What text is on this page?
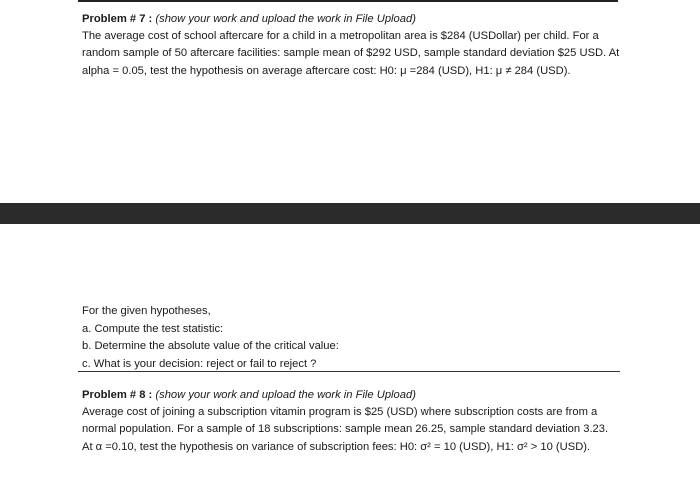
Problem # 7 : (show your work and upload the work in File Upload)
The average cost of school aftercare for a child in a metropolitan area is $284 (USDollar) per child. For a random sample of 50 aftercare facilities: sample mean of $292 USD, sample standard deviation $25 USD. At alpha = 0.05, test the hypothesis on average aftercare cost: H0: μ =284 (USD), H1: μ ≠ 284 (USD).
For the given hypotheses,
a. Compute the test statistic:
b. Determine the absolute value of the critical value:
c. What is your decision: reject or fail to reject ?
Problem # 8 : (show your work and upload the work in File Upload)
Average cost of joining a subscription vitamin program is $25 (USD) where subscription costs are from a normal population. For a sample of 18 subscriptions: sample mean 26.25, sample standard deviation 3.23. At α =0.10, test the hypothesis on variance of subscription fees: H0: σ² = 10 (USD), H1: σ² > 10 (USD).
